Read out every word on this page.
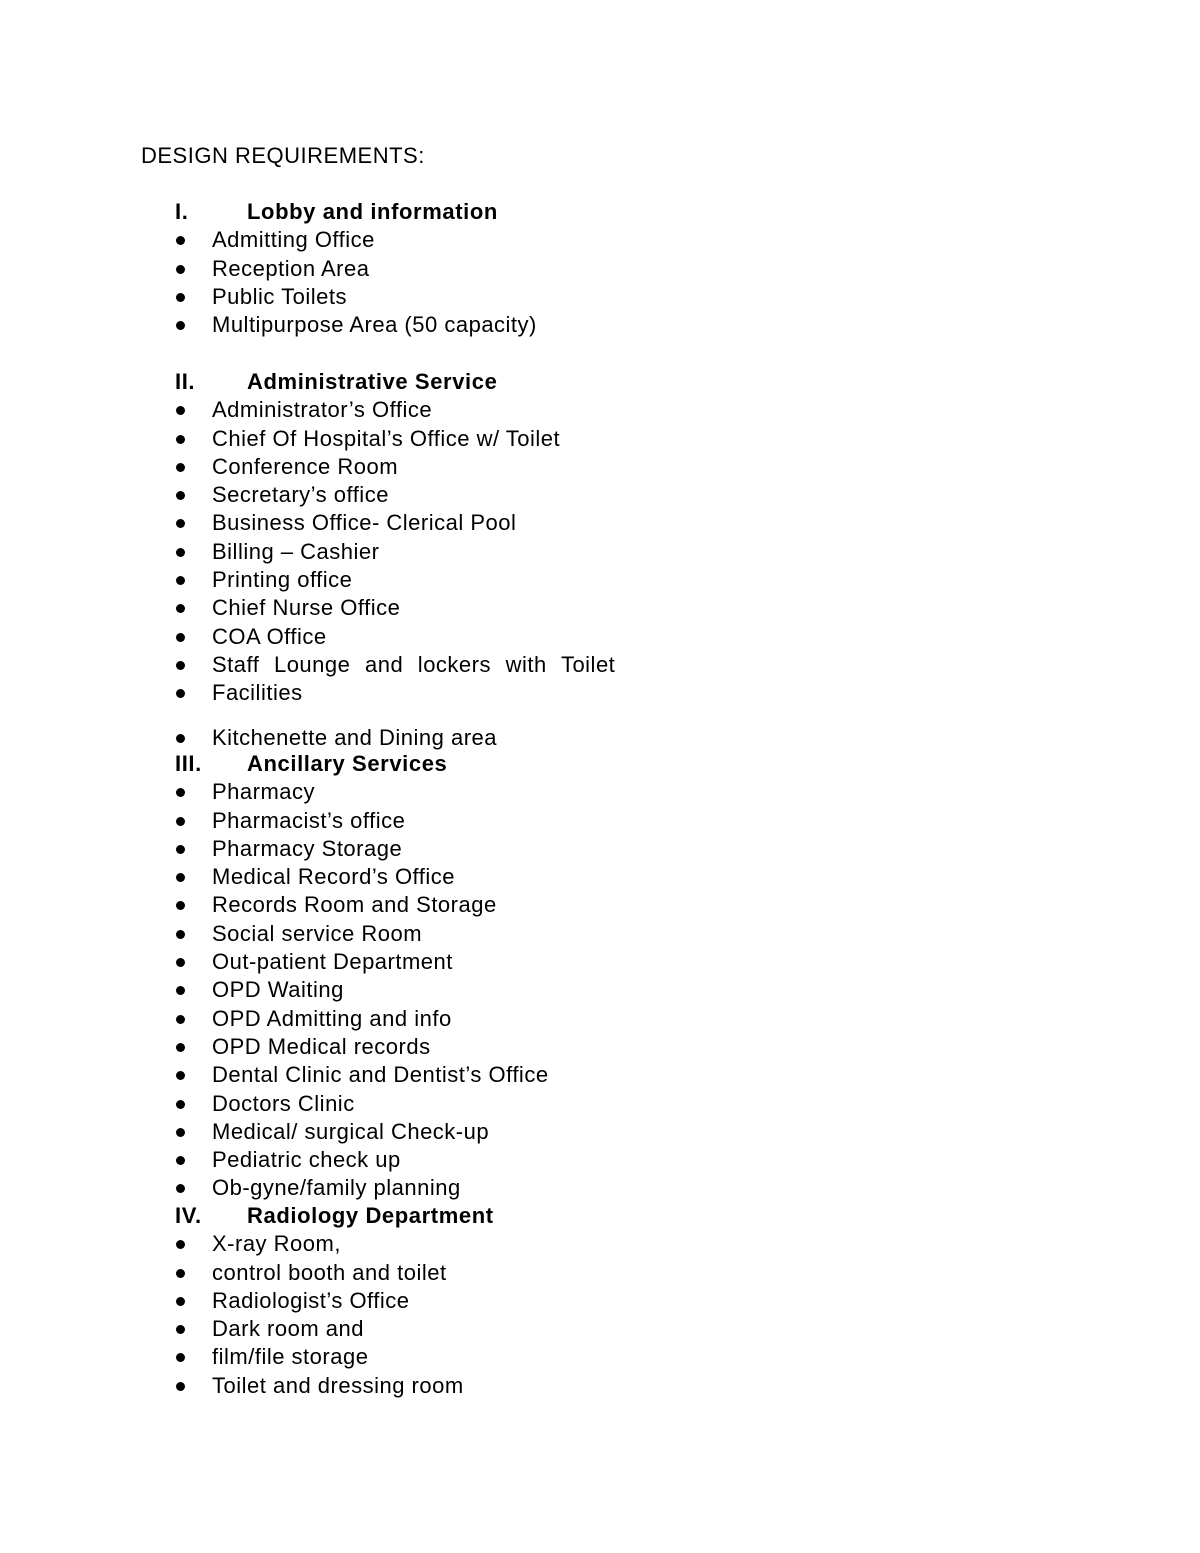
DESIGN REQUIREMENTS:
I.	Lobby and information
Admitting Office
Reception Area
Public Toilets
Multipurpose Area (50 capacity)
II. Administrative Service
Administrator’s Office
Chief Of Hospital’s Office w/ Toilet
Conference Room
Secretary’s office
Business Office- Clerical Pool
Billing – Cashier
Printing office
Chief Nurse Office
COA Office
Staff Lounge and lockers with Toilet
Facilities
Kitchenette and Dining area
III. Ancillary Services
Pharmacy
Pharmacist’s office
Pharmacy Storage
Medical Record’s Office
Records Room and Storage
Social service Room
Out-patient Department
OPD Waiting
OPD Admitting and info
OPD Medical records
Dental Clinic and Dentist’s Office
Doctors Clinic
Medical/ surgical Check-up
Pediatric check up
Ob-gyne/family planning
IV. Radiology Department
X-ray Room,
control booth and toilet
Radiologist’s Office
Dark room and
film/file storage
Toilet and dressing room
